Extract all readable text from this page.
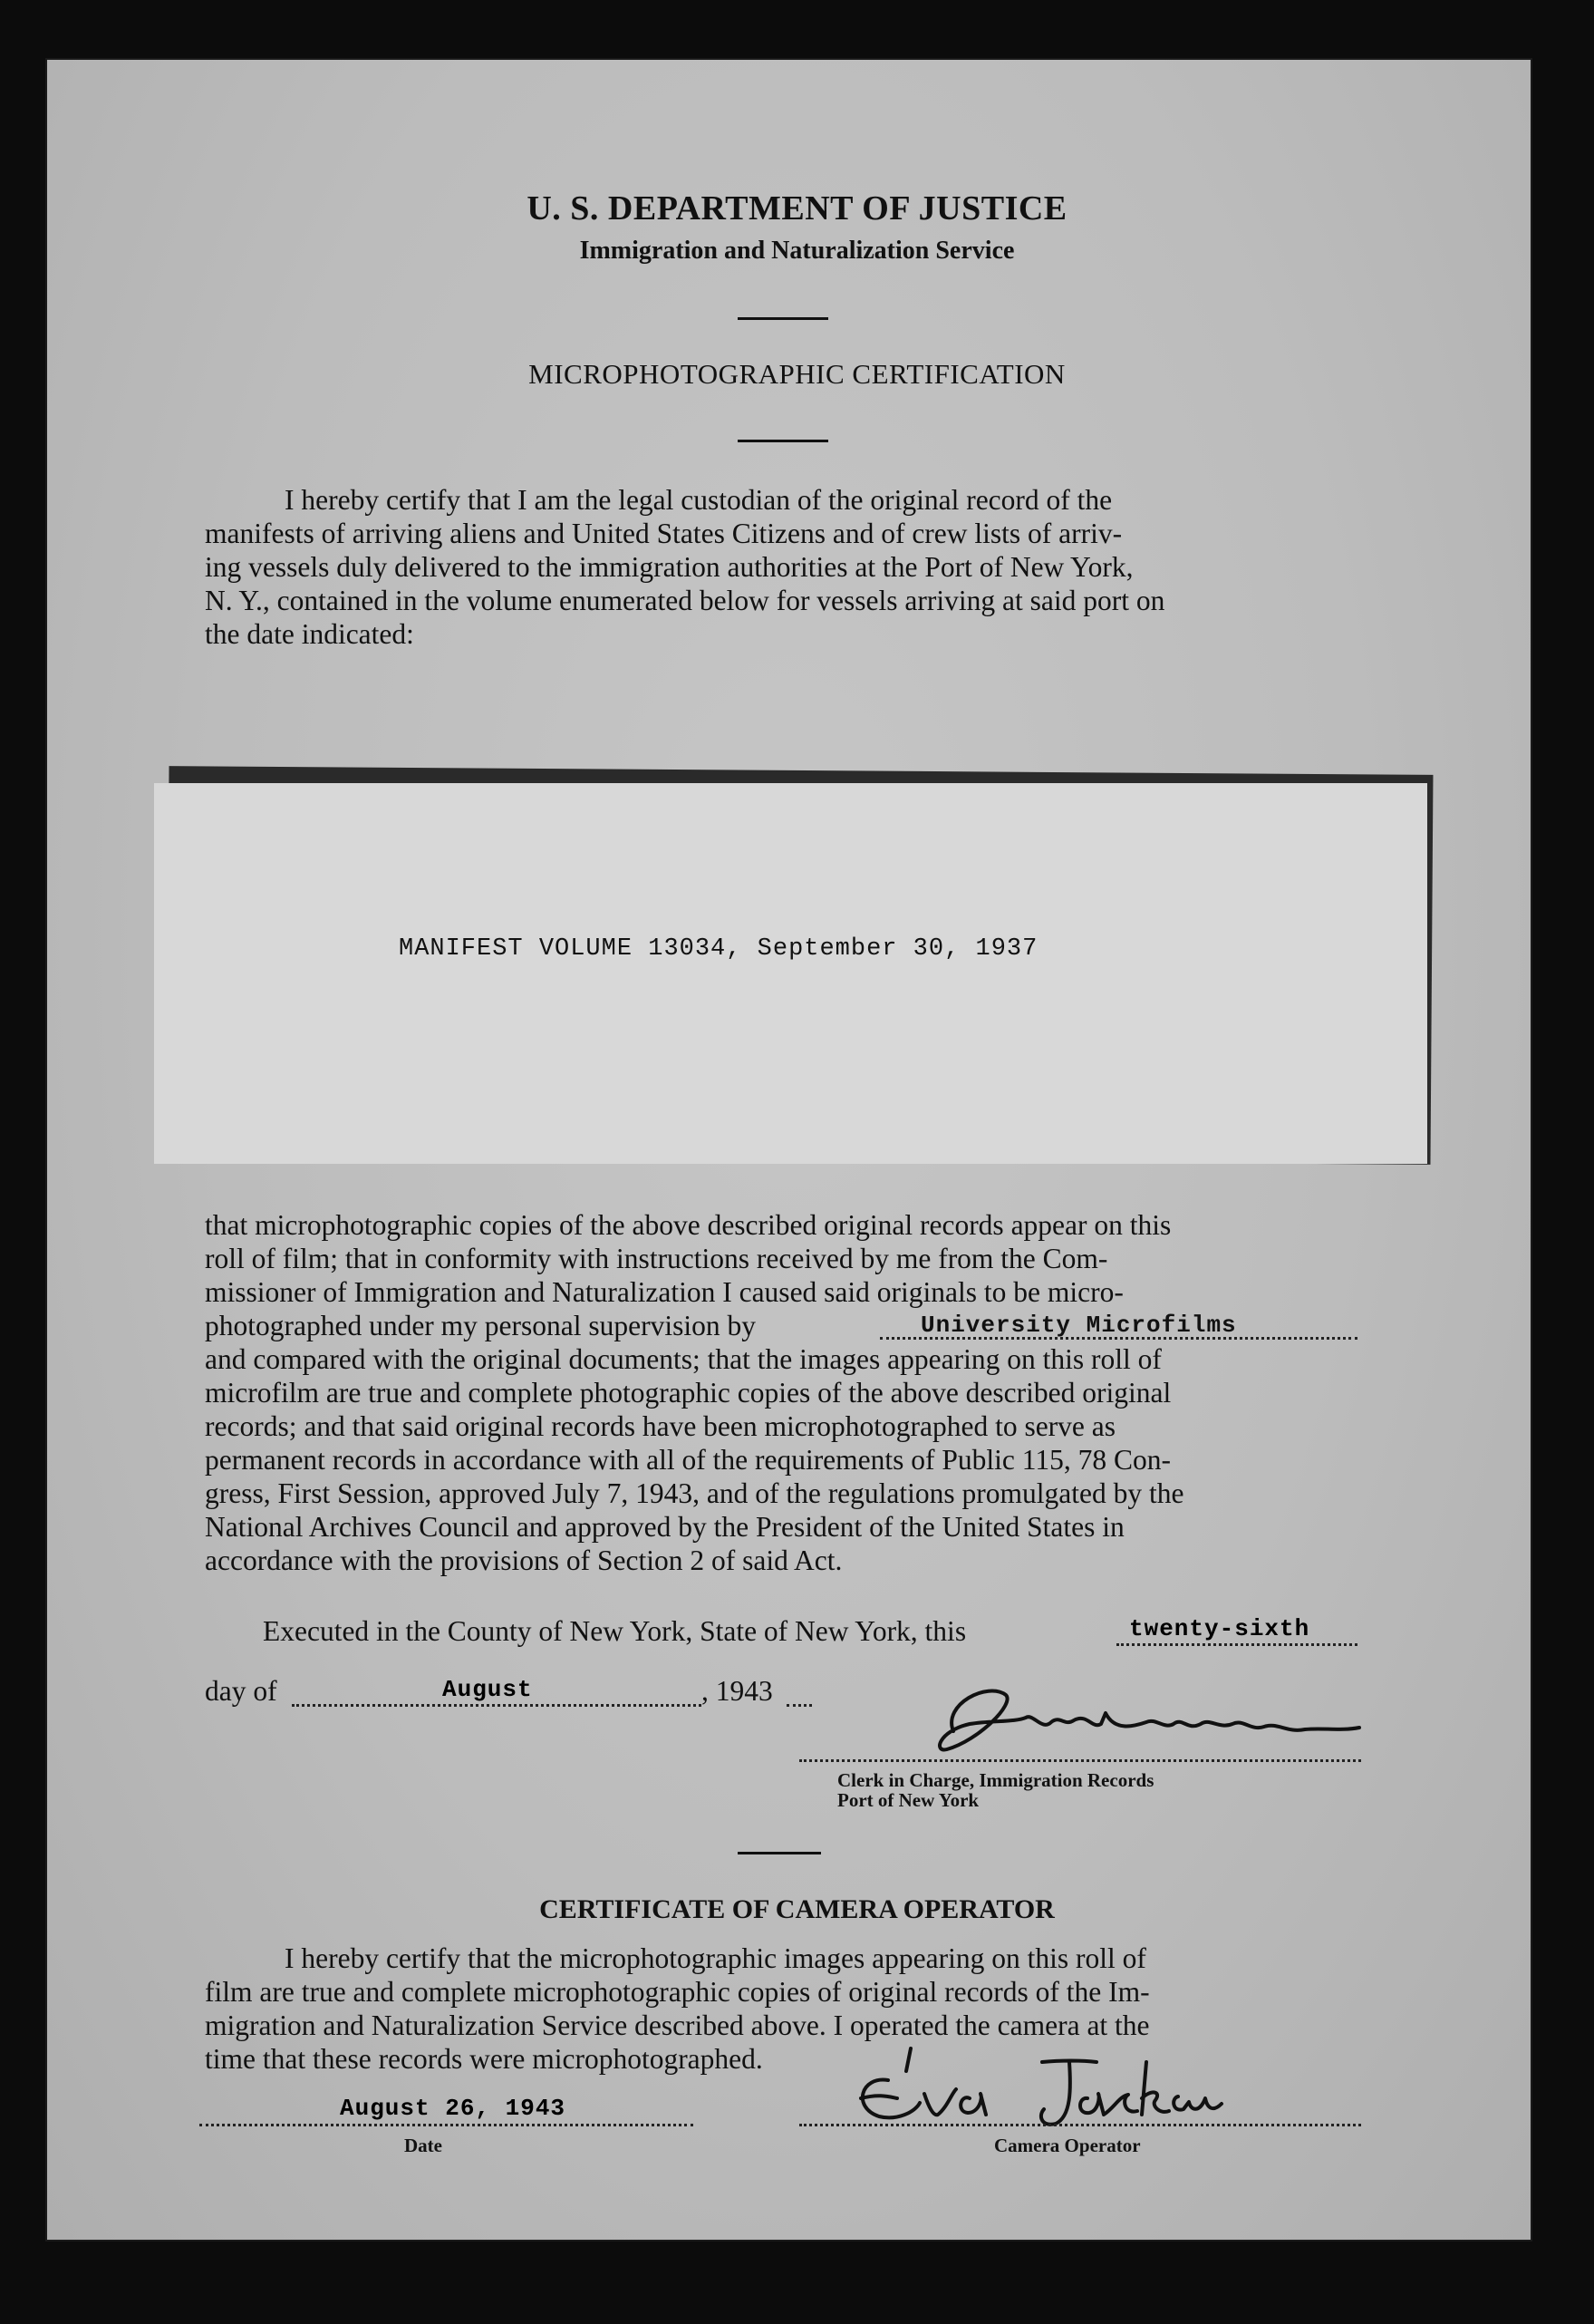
U. S. DEPARTMENT OF JUSTICE
Immigration and Naturalization Service
MICROPHOTOGRAPHIC CERTIFICATION
I hereby certify that I am the legal custodian of the original record of the
manifests of arriving aliens and United States Citizens and of crew lists of arriv-
ing vessels duly delivered to the immigration authorities at the Port of New York,
N. Y., contained in the volume enumerated below for vessels arriving at said port on
the date indicated:
MANIFEST VOLUME 13034, September 30, 1937
that microphotographic copies of the above described original records appear on this
roll of film; that in conformity with instructions received by me from the Com-
missioner of Immigration and Naturalization I caused said originals to be micro-
photographed under my personal supervision by	University Microfilms
and compared with the original documents; that the images appearing on this roll of
microfilm are true and complete photographic copies of the above described original
records; and that said original records have been microphotographed to serve as
permanent records in accordance with all of the requirements of Public 115, 78 Con-
gress, First Session, approved July 7, 1943, and of the regulations promulgated by the
National Archives Council and approved by the President of the United States in
accordance with the provisions of Section 2 of said Act.
Executed in the County of New York, State of New York, this	twenty-sixth
day of	August	, 1943
Clerk in Charge, Immigration Records
Port of New York
CERTIFICATE OF CAMERA OPERATOR
I hereby certify that the microphotographic images appearing on this roll of
film are true and complete microphotographic copies of original records of the Im-
migration and Naturalization Service described above. I operated the camera at the
time that these records were microphotographed.
August 26, 1943
Date	Camera Operator
